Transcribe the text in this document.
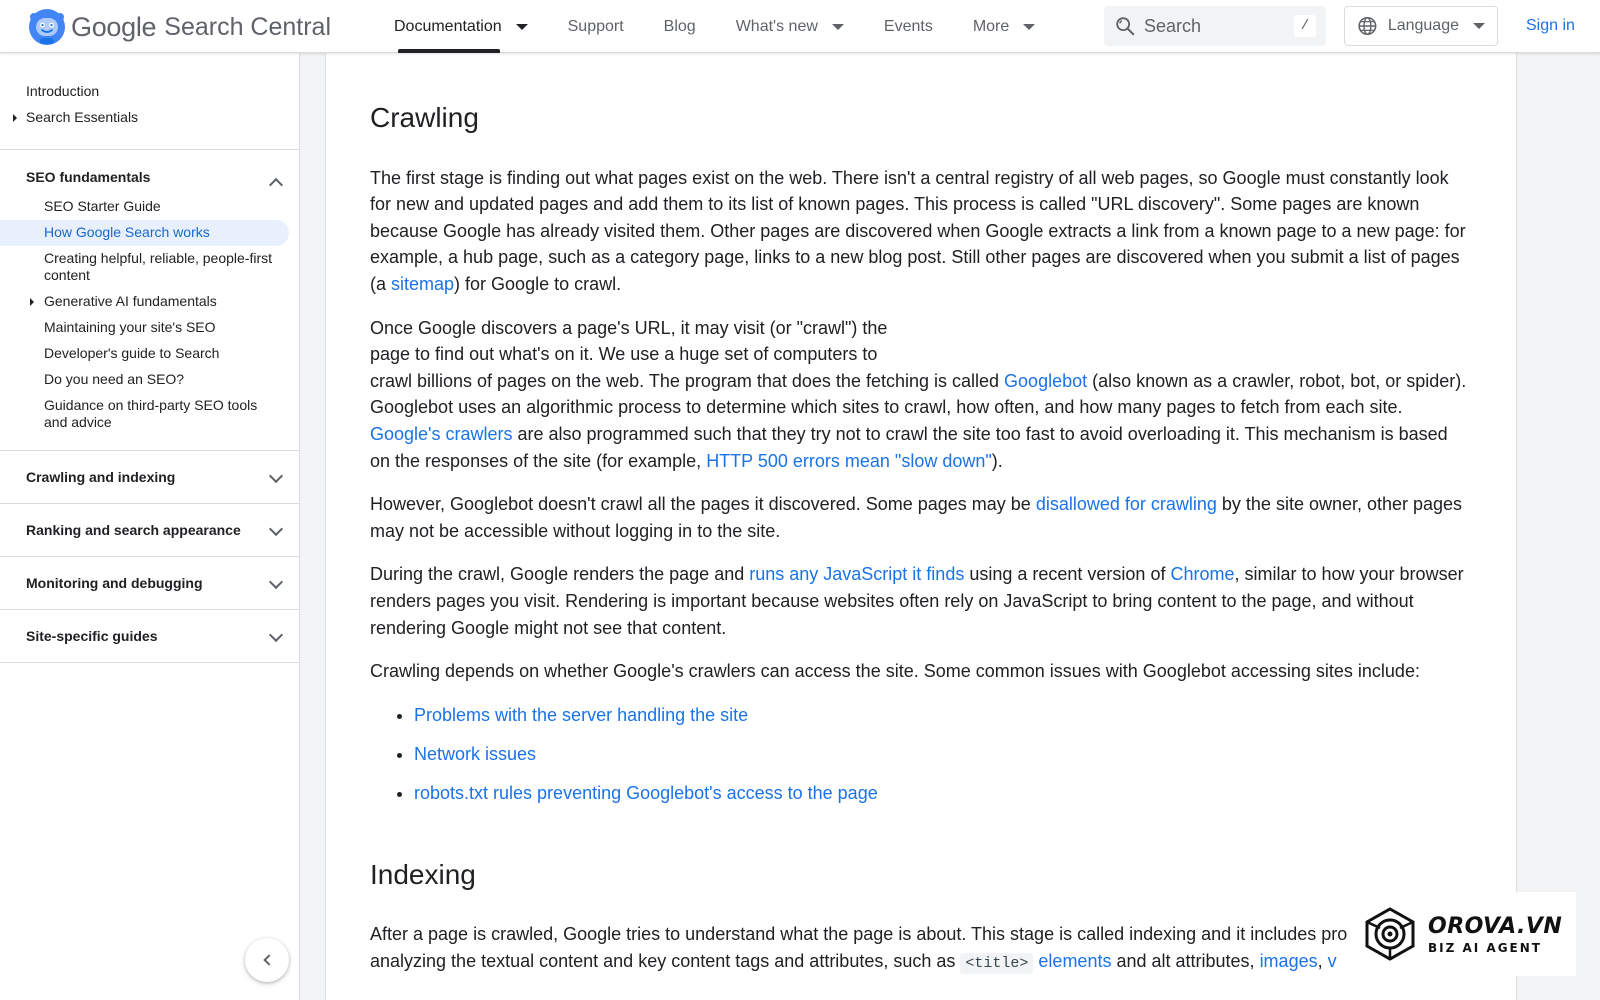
Google Search Central	Documentation	Support	Blog	What's new	Events	More
Search	/	Language	Sign in
Introduction
Search Essentials
SEO fundamentals
SEO Starter Guide
How Google Search works
Creating helpful, reliable, people-first content
Generative AI fundamentals
Maintaining your site's SEO
Developer's guide to Search
Do you need an SEO?
Guidance on third-party SEO tools and advice
Crawling and indexing
Ranking and search appearance
Monitoring and debugging
Site-specific guides
Crawling

The first stage is finding out what pages exist on the web. There isn't a central registry of all web pages, so Google must constantly look for new and updated pages and add them to its list of known pages. This process is called "URL discovery". Some pages are known because Google has already visited them. Other pages are discovered when Google extracts a link from a known page to a new page: for example, a hub page, such as a category page, links to a new blog post. Still other pages are discovered when you submit a list of pages (a sitemap) for Google to crawl.

Once Google discovers a page's URL, it may visit (or "crawl") the
page to find out what's on it. We use a huge set of computers to
crawl billions of pages on the web. The program that does the fetching is called Googlebot (also known as a crawler, robot, bot, or spider). Googlebot uses an algorithmic process to determine which sites to crawl, how often, and how many pages to fetch from each site. Google's crawlers are also programmed such that they try not to crawl the site too fast to avoid overloading it. This mechanism is based on the responses of the site (for example, HTTP 500 errors mean "slow down").

However, Googlebot doesn't crawl all the pages it discovered. Some pages may be disallowed for crawling by the site owner, other pages may not be accessible without logging in to the site.

During the crawl, Google renders the page and runs any JavaScript it finds using a recent version of Chrome, similar to how your browser renders pages you visit. Rendering is important because websites often rely on JavaScript to bring content to the page, and without rendering Google might not see that content.

Crawling depends on whether Google's crawlers can access the site. Some common issues with Googlebot accessing sites include:

• Problems with the server handling the site
• Network issues
• robots.txt rules preventing Googlebot's access to the page
Indexing

After a page is crawled, Google tries to understand what the page is about. This stage is called indexing and it includes pro
analyzing the textual content and key content tags and attributes, such as <title> elements and alt attributes, images, v

OROVA.VN
BIZ AI AGENT
